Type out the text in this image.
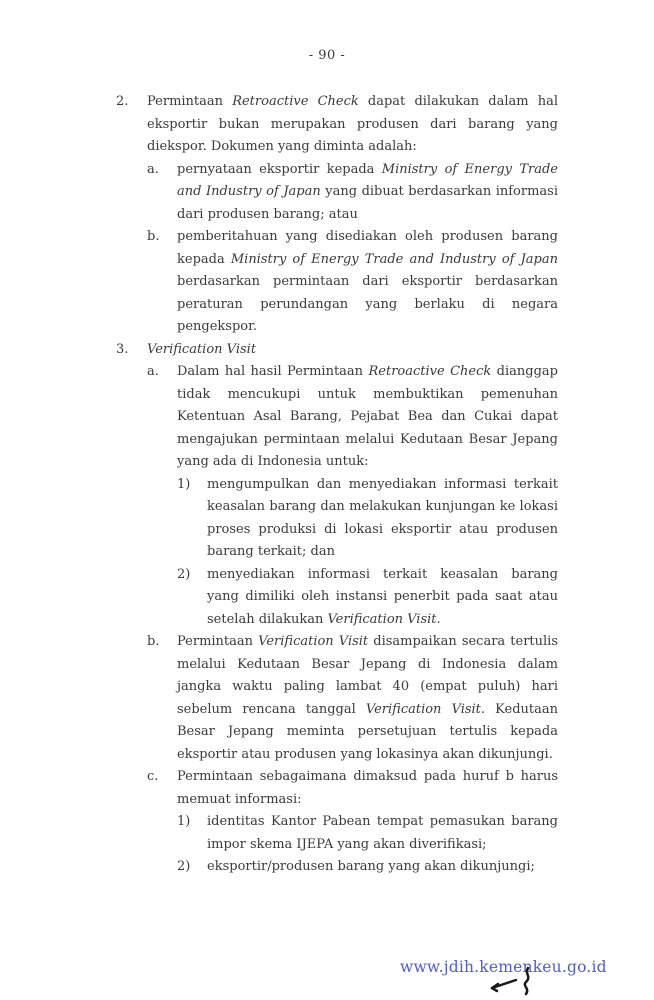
- 90 -
2. Permintaan Retroactive Check dapat dilakukan dalam hal eksportir bukan merupakan produsen dari barang yang diekspor. Dokumen yang diminta adalah:
a. pernyataan eksportir kepada Ministry of Energy Trade and Industry of Japan yang dibuat berdasarkan informasi dari produsen barang; atau
b. pemberitahuan yang disediakan oleh produsen barang kepada Ministry of Energy Trade and Industry of Japan berdasarkan permintaan dari eksportir berdasarkan peraturan perundangan yang berlaku di negara pengekspor.
3. Verification Visit
a. Dalam hal hasil Permintaan Retroactive Check dianggap tidak mencukupi untuk membuktikan pemenuhan Ketentuan Asal Barang, Pejabat Bea dan Cukai dapat mengajukan permintaan melalui Kedutaan Besar Jepang yang ada di Indonesia untuk:
1) mengumpulkan dan menyediakan informasi terkait keasalan barang dan melakukan kunjungan ke lokasi proses produksi di lokasi eksportir atau produsen barang terkait; dan
2) menyediakan informasi terkait keasalan barang yang dimiliki oleh instansi penerbit pada saat atau setelah dilakukan Verification Visit.
b. Permintaan Verification Visit disampaikan secara tertulis melalui Kedutaan Besar Jepang di Indonesia dalam jangka waktu paling lambat 40 (empat puluh) hari sebelum rencana tanggal Verification Visit. Kedutaan Besar Jepang meminta persetujuan tertulis kepada eksportir atau produsen yang lokasinya akan dikunjungi.
c. Permintaan sebagaimana dimaksud pada huruf b harus memuat informasi:
1) identitas Kantor Pabean tempat pemasukan barang impor skema IJEPA yang akan diverifikasi;
2) eksportir/produsen barang yang akan dikunjungi;
www.jdih.kemenkeu.go.id
